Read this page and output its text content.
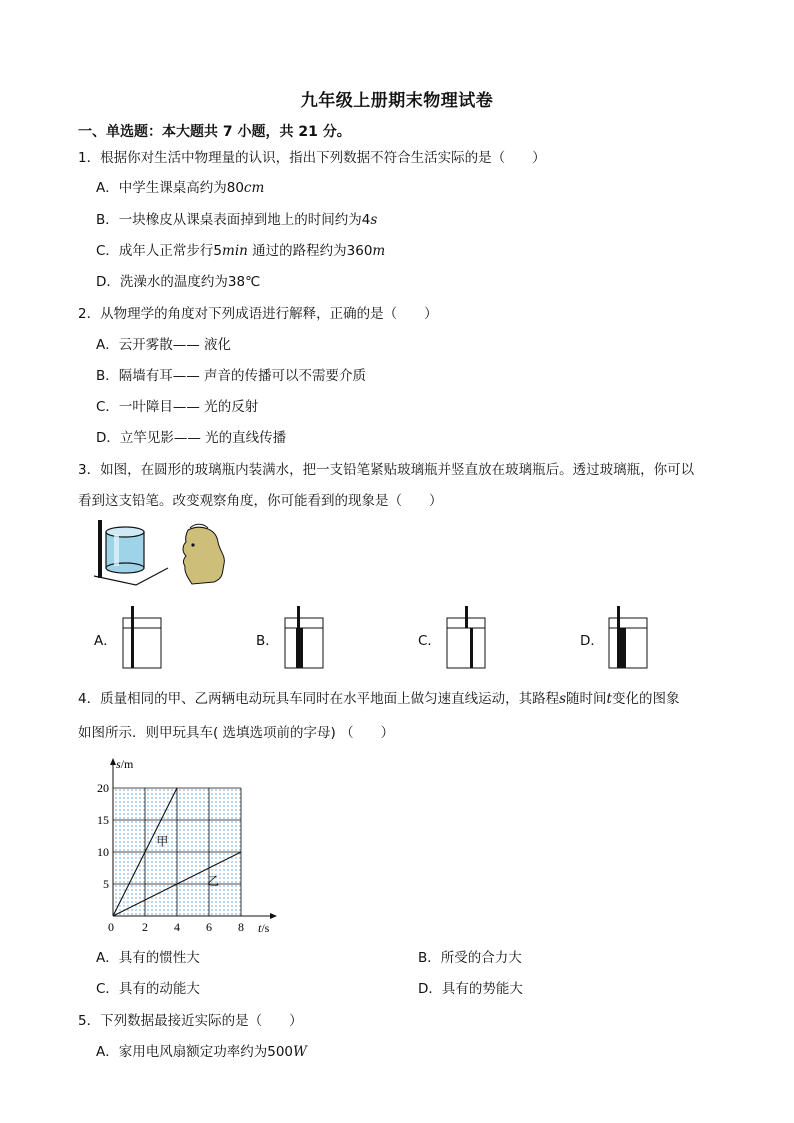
九年级上册期末物理试卷
一、单选题：本大题共 7 小题，共 21 分。
1．根据你对生活中物理量的认识，指出下列数据不符合生活实际的是（　　）
A．中学生课桌高约为80cm
B．一块橡皮从课桌表面掉到地上的时间约为4s
C．成年人正常步行5min 通过的路程约为360m
D．洗澡水的温度约为38℃
2．从物理学的角度对下列成语进行解释，正确的是（　　）
A．云开雾散—— 液化
B．隔墙有耳—— 声音的传播可以不需要介质
C．一叶障目—— 光的反射
D．立竿见影—— 光的直线传播
3．如图，在圆形的玻璃瓶内装满水，把一支铅笔紧贴玻璃瓶并竖直放在玻璃瓶后。透过玻璃瓶，你可以
看到这支铅笔。改变观察角度，你可能看到的现象是（　　）
A．	B．	C．	D．
4．质量相同的甲、乙两辆电动玩具车同时在水平地面上做匀速直线运动，其路程s随时间t变化的图象
如图所示．则甲玩具车( 选填选项前的字母) （　　）
0 2 4 6 8
5
10
15
20
甲
乙
s/m
t/s
A．具有的惯性大	B．所受的合力大
C．具有的动能大	D．具有的势能大
5．下列数据最接近实际的是（　　）
A．家用电风扇额定功率约为500W
